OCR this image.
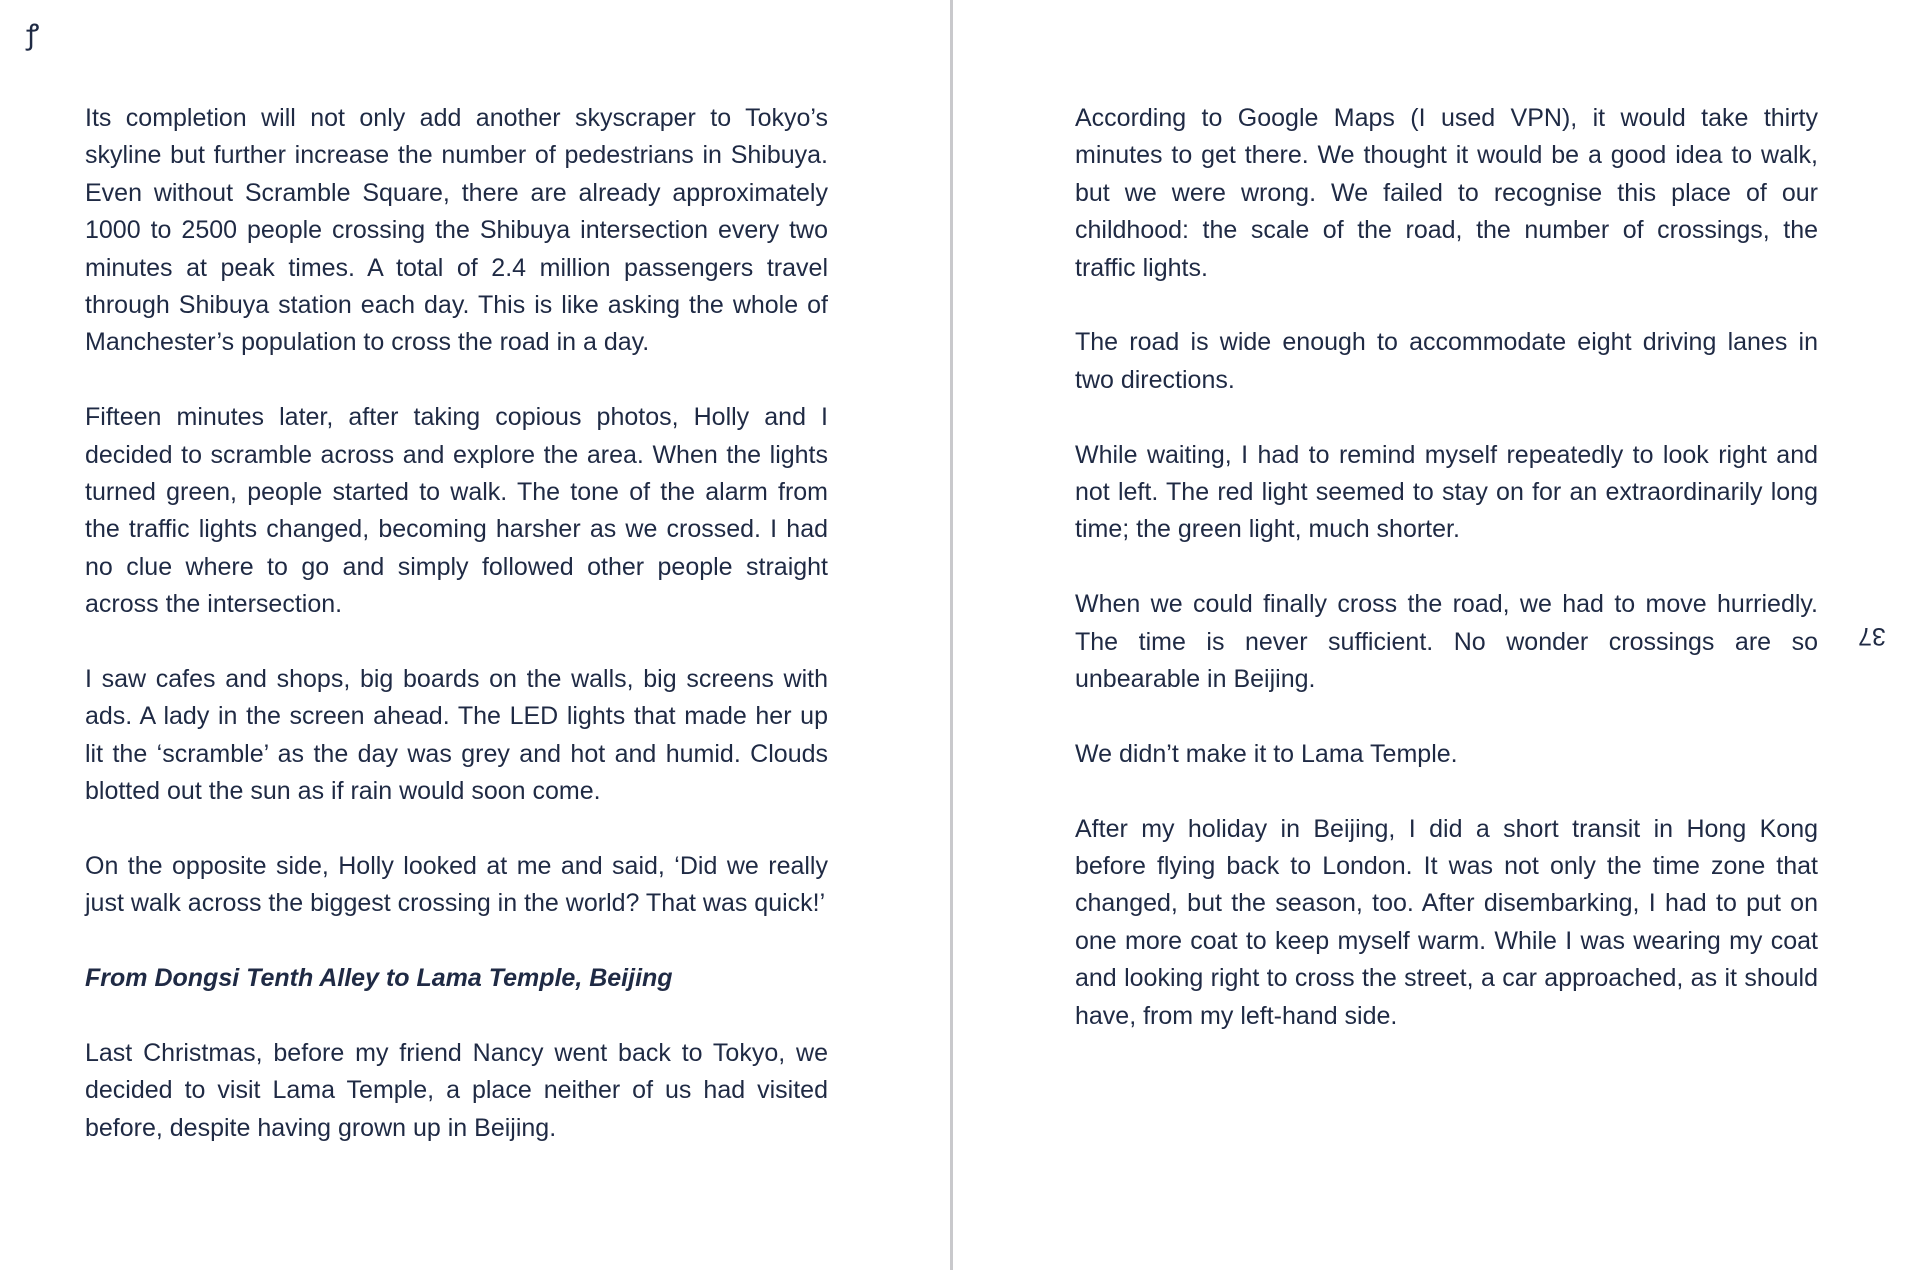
ꝭ

Its completion will not only add another skyscraper to Tokyo’s skyline but further increase the number of pedestrians in Shibuya. Even without Scramble Square, there are already approximately 1000 to 2500 people crossing the Shibuya intersection every two minutes at peak times. A total of 2.4 million passengers travel through Shibuya station each day. This is like asking the whole of Manchester’s population to cross the road in a day.

Fifteen minutes later, after taking copious photos, Holly and I decided to scramble across and explore the area. When the lights turned green, people started to walk. The tone of the alarm from the traffic lights changed, becoming harsher as we crossed. I had no clue where to go and simply followed other people straight across the intersection.

I saw cafes and shops, big boards on the walls, big screens with ads. A lady in the screen ahead. The LED lights that made her up lit the ‘scramble’ as the day was grey and hot and humid. Clouds blotted out the sun as if rain would soon come.

On the opposite side, Holly looked at me and said, ‘Did we really just walk across the biggest crossing in the world? That was quick!’

From Dongsi Tenth Alley to Lama Temple, Beijing

Last Christmas, before my friend Nancy went back to Tokyo, we decided to visit Lama Temple, a place neither of us had visited before, despite having grown up in Beijing.

According to Google Maps (I used VPN), it would take thirty minutes to get there. We thought it would be a good idea to walk, but we were wrong. We failed to recognise this place of our childhood: the scale of the road, the number of crossings, the traffic lights.

The road is wide enough to accommodate eight driving lanes in two directions.

While waiting, I had to remind myself repeatedly to look right and not left. The red light seemed to stay on for an extraordinarily long time; the green light, much shorter.

When we could finally cross the road, we had to move hurriedly. The time is never sufficient. No wonder crossings are so unbearable in Beijing.

We didn’t make it to Lama Temple.

After my holiday in Beijing, I did a short transit in Hong Kong before flying back to London. It was not only the time zone that changed, but the season, too. After disembarking, I had to put on one more coat to keep myself warm. While I was wearing my coat and looking right to cross the street, a car approached, as it should have, from my left-hand side.

37
